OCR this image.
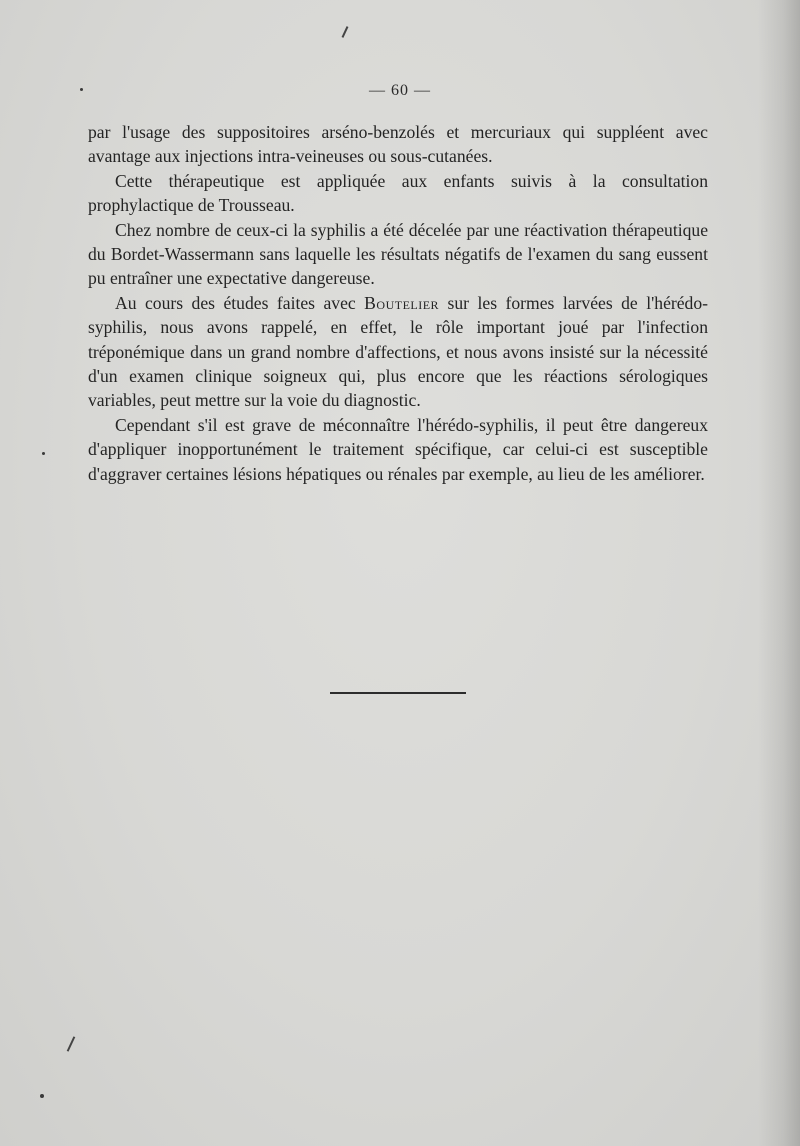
— 60 —

par l'usage des suppositoires arséno-benzolés et mercuriaux qui suppléent avec avantage aux injections intra-veineuses ou sous-cutanées.

Cette thérapeutique est appliquée aux enfants suivis à la consultation prophylactique de Trousseau.

Chez nombre de ceux-ci la syphilis a été décelée par une réactivation thérapeutique du Bordet-Wassermann sans laquelle les résultats négatifs de l'examen du sang eussent pu entraîner une expectative dangereuse.

Au cours des études faites avec Boutelier sur les formes larvées de l'hérédo-syphilis, nous avons rappelé, en effet, le rôle important joué par l'infection tréponémique dans un grand nombre d'affections, et nous avons insisté sur la nécessité d'un examen clinique soigneux qui, plus encore que les réactions sérologiques variables, peut mettre sur la voie du diagnostic.

Cependant s'il est grave de méconnaître l'hérédo-syphilis, il peut être dangereux d'appliquer inopportunément le traitement spécifique, car celui-ci est susceptible d'aggraver certaines lésions hépatiques ou rénales par exemple, au lieu de les améliorer.
